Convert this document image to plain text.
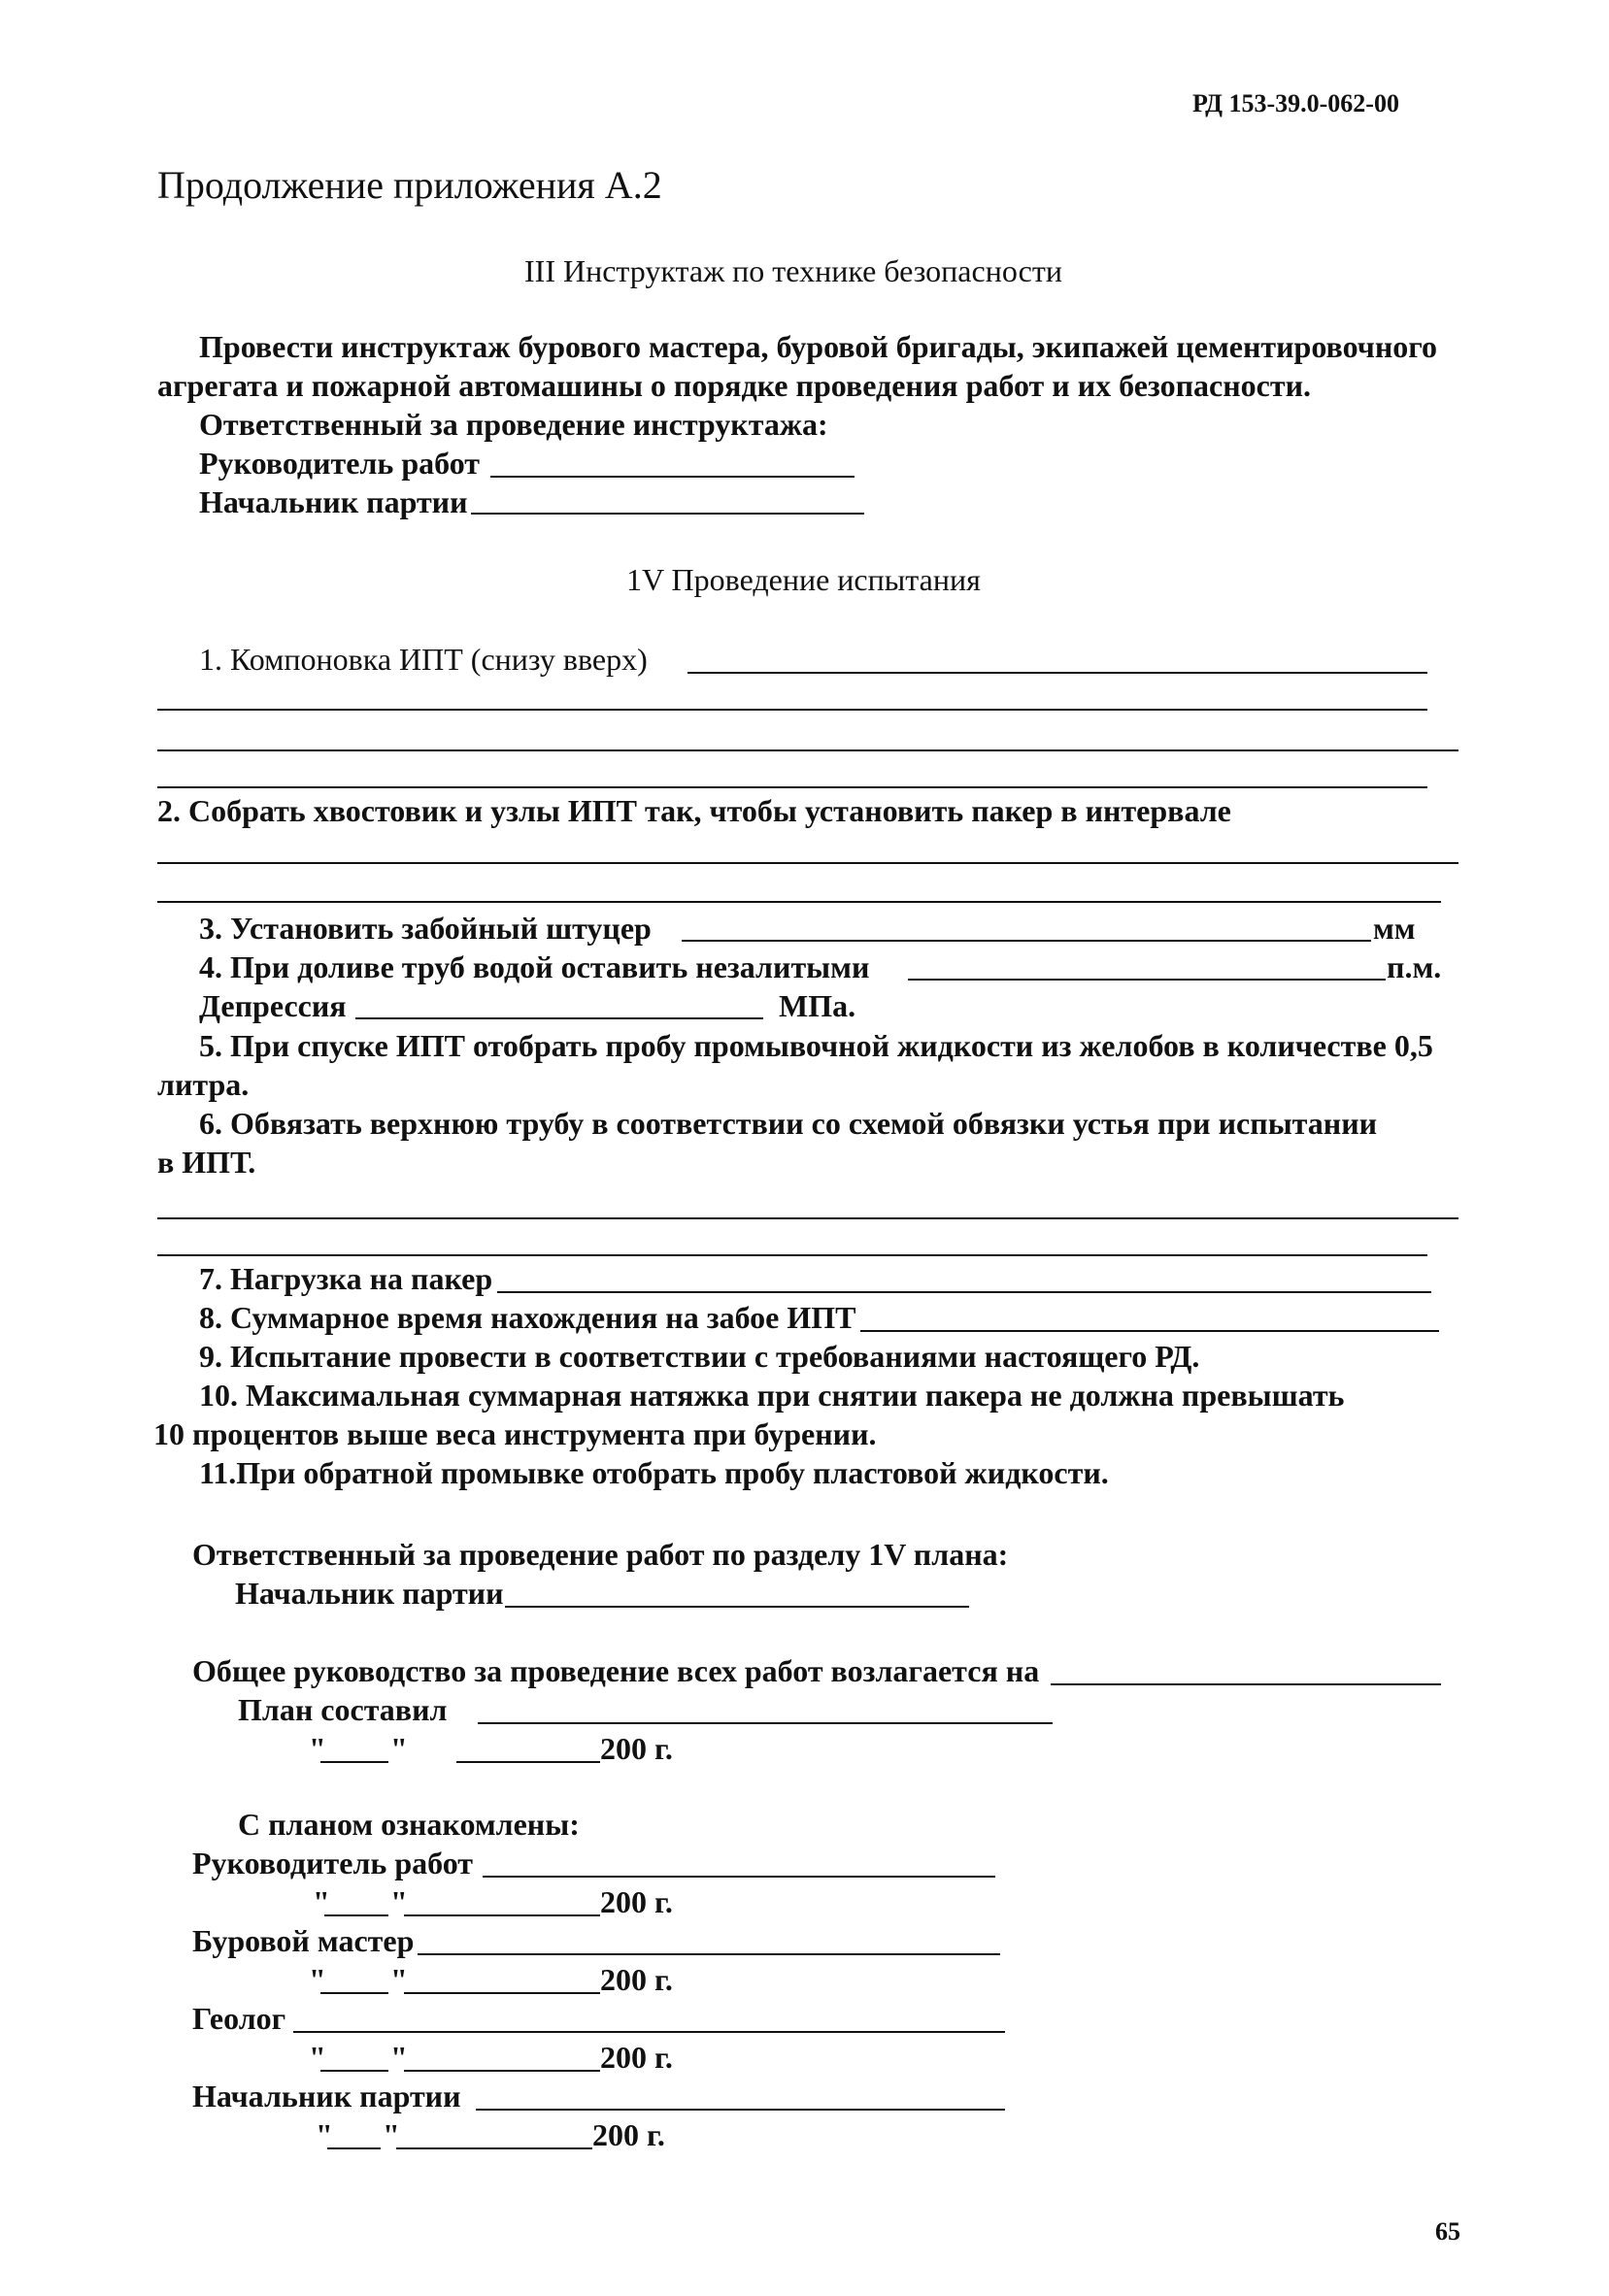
РД 153-39.0-062-00
Продолжение приложения А.2
III Инструктаж по технике безопасности
Провести инструктаж бурового мастера, буровой бригады, экипажей цементировочного
агрегата и пожарной автомашины о порядке проведения работ и их безопасности.
Ответственный за проведение инструктажа:
Руководитель работ
Начальник партии
1V Проведение испытания
1. Компоновка ИПТ (снизу вверх)
2. Собрать хвостовик и узлы ИПТ так, чтобы установить пакер в интервале
3. Установить забойный штуцер	мм
4. При доливе труб водой оставить незалитыми	п.м.
Депрессия	МПа.
5. При спуске ИПТ отобрать пробу промывочной жидкости из желобов в количестве 0,5
литра.
6. Обвязать верхнюю трубу в соответствии со схемой обвязки устья при испытании
в ИПТ.
7. Нагрузка на пакер
8. Суммарное время нахождения на забое ИПТ
9. Испытание провести в соответствии с требованиями настоящего РД.
10. Максимальная суммарная натяжка при снятии пакера не должна превышать
10 процентов выше веса инструмента при бурении.
11.При обратной промывке отобрать пробу пластовой жидкости.
Ответственный за проведение работ по разделу 1V плана:
Начальник партии
Общее руководство за проведение всех работ возлагается на
План составил
" "	200 г.
С планом ознакомлены:
Руководитель работ
" "	200 г.
Буровой мастер
" "	200 г.
Геолог
" "	200 г.
Начальник партии
" "	200 г.
65
